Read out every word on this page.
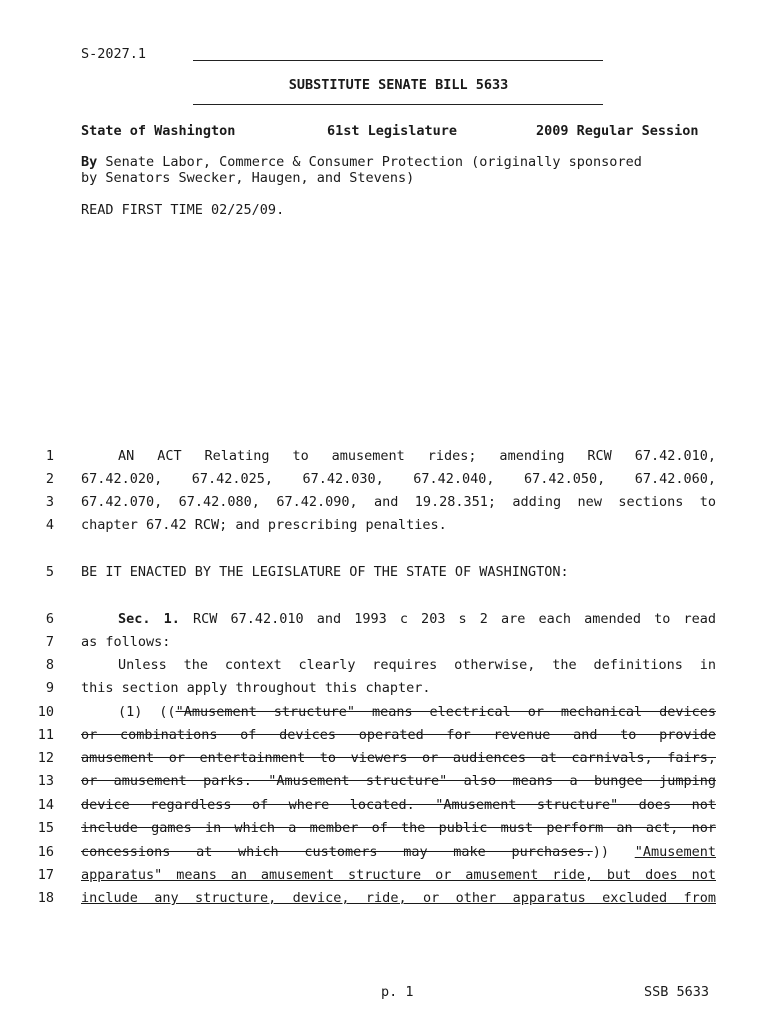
S-2027.1
SUBSTITUTE SENATE BILL 5633
State of Washington	61st Legislature	2009 Regular Session
By Senate Labor, Commerce & Consumer Protection (originally sponsored
by Senators Swecker, Haugen, and Stevens)
READ FIRST TIME 02/25/09.
1
2
3
4
5
6
7
8
9
10
11
12
13
14
15
16
17
18
AN ACT Relating to amusement rides; amending RCW 67.42.010,
67.42.020, 67.42.025, 67.42.030, 67.42.040, 67.42.050, 67.42.060,
67.42.070, 67.42.080, 67.42.090, and 19.28.351; adding new sections to
chapter 67.42 RCW; and prescribing penalties.
BE IT ENACTED BY THE LEGISLATURE OF THE STATE OF WASHINGTON:
Sec. 1. RCW 67.42.010 and 1993 c 203 s 2 are each amended to read
as follows:
Unless the context clearly requires otherwise, the definitions in
this section apply throughout this chapter.
(1) (("Amusement structure" means electrical or mechanical devices
or combinations of devices operated for revenue and to provide
amusement or entertainment to viewers or audiences at carnivals, fairs,
or amusement parks. "Amusement structure" also means a bungee jumping
device regardless of where located. "Amusement structure" does not
include games in which a member of the public must perform an act, nor
concessions at which customers may make purchases.)) "Amusement
apparatus" means an amusement structure or amusement ride, but does not
include any structure, device, ride, or other apparatus excluded from
p. 1	SSB 5633
